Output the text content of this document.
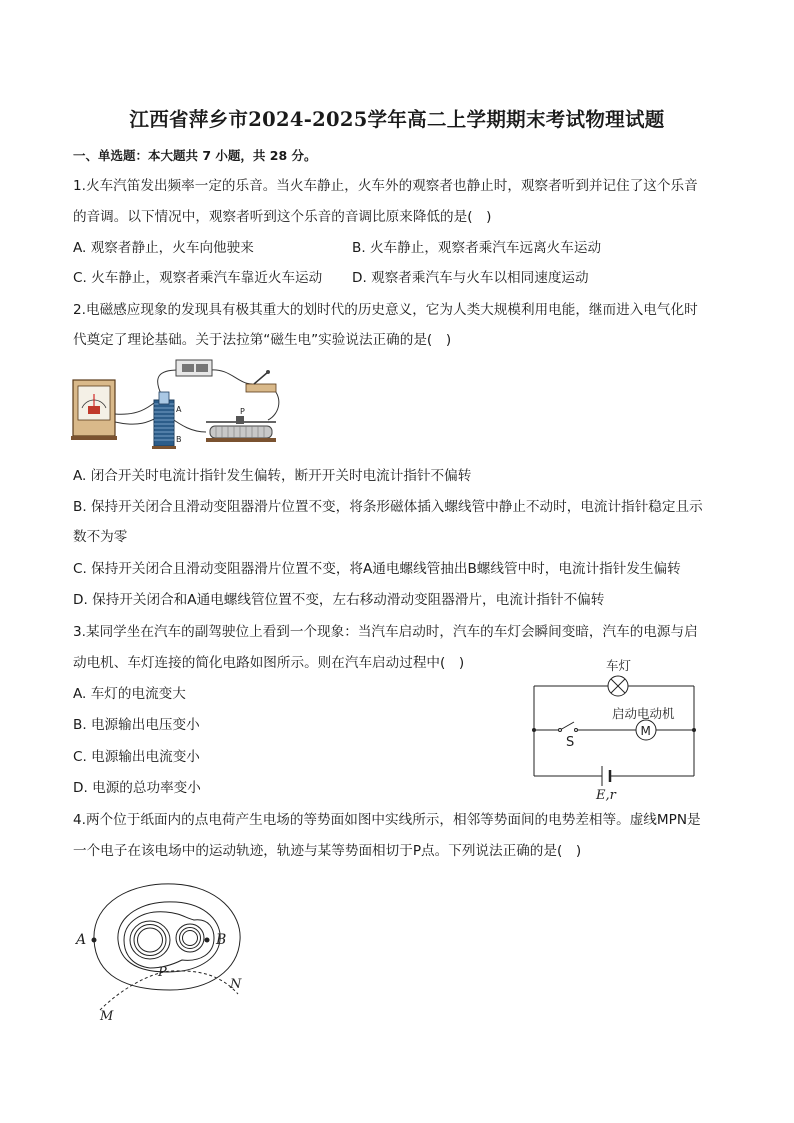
江西省萍乡市2024-2025学年高二上学期期末考试物理试题
一、单选题：本大题共 7 小题，共 28 分。
1.火车汽笛发出频率一定的乐音。当火车静止，火车外的观察者也静止时，观察者听到并记住了这个乐音
的音调。以下情况中，观察者听到这个乐音的音调比原来降低的是(　)
A. 观察者静止，火车向他驶来	B. 火车静止，观察者乘汽车远离火车运动
C. 火车静止，观察者乘汽车靠近火车运动 D. 观察者乘汽车与火车以相同速度运动
2.电磁感应现象的发现具有极其重大的划时代的历史意义，它为人类大规模利用电能，继而进入电气化时
代奠定了理论基础。关于法拉第“磁生电”实验说法正确的是(　)
A
B
P
A. 闭合开关时电流计指针发生偏转，断开开关时电流计指针不偏转
B. 保持开关闭合且滑动变阻器滑片位置不变，将条形磁体插入螺线管中静止不动时，电流计指针稳定且示
数不为零
C. 保持开关闭合且滑动变阻器滑片位置不变，将A通电螺线管抽出B螺线管中时，电流计指针发生偏转
D. 保持开关闭合和A通电螺线管位置不变，左右移动滑动变阻器滑片，电流计指针不偏转
3.某同学坐在汽车的副驾驶位上看到一个现象：当汽车启动时，汽车的车灯会瞬间变暗，汽车的电源与启
动电机、车灯连接的简化电路如图所示。则在汽车启动过程中(　)
A. 车灯的电流变大
B. 电源输出电压变小
C. 电源输出电流变小
D. 电源的总功率变小
M
车灯
启动电动机
S
E,r
4.两个位于纸面内的点电荷产生电场的等势面如图中实线所示，相邻等势面间的电势差相等。虚线MPN是
一个电子在该电场中的运动轨迹，轨迹与某等势面相切于P点。下列说法正确的是(　)
A	B
P
N
M
